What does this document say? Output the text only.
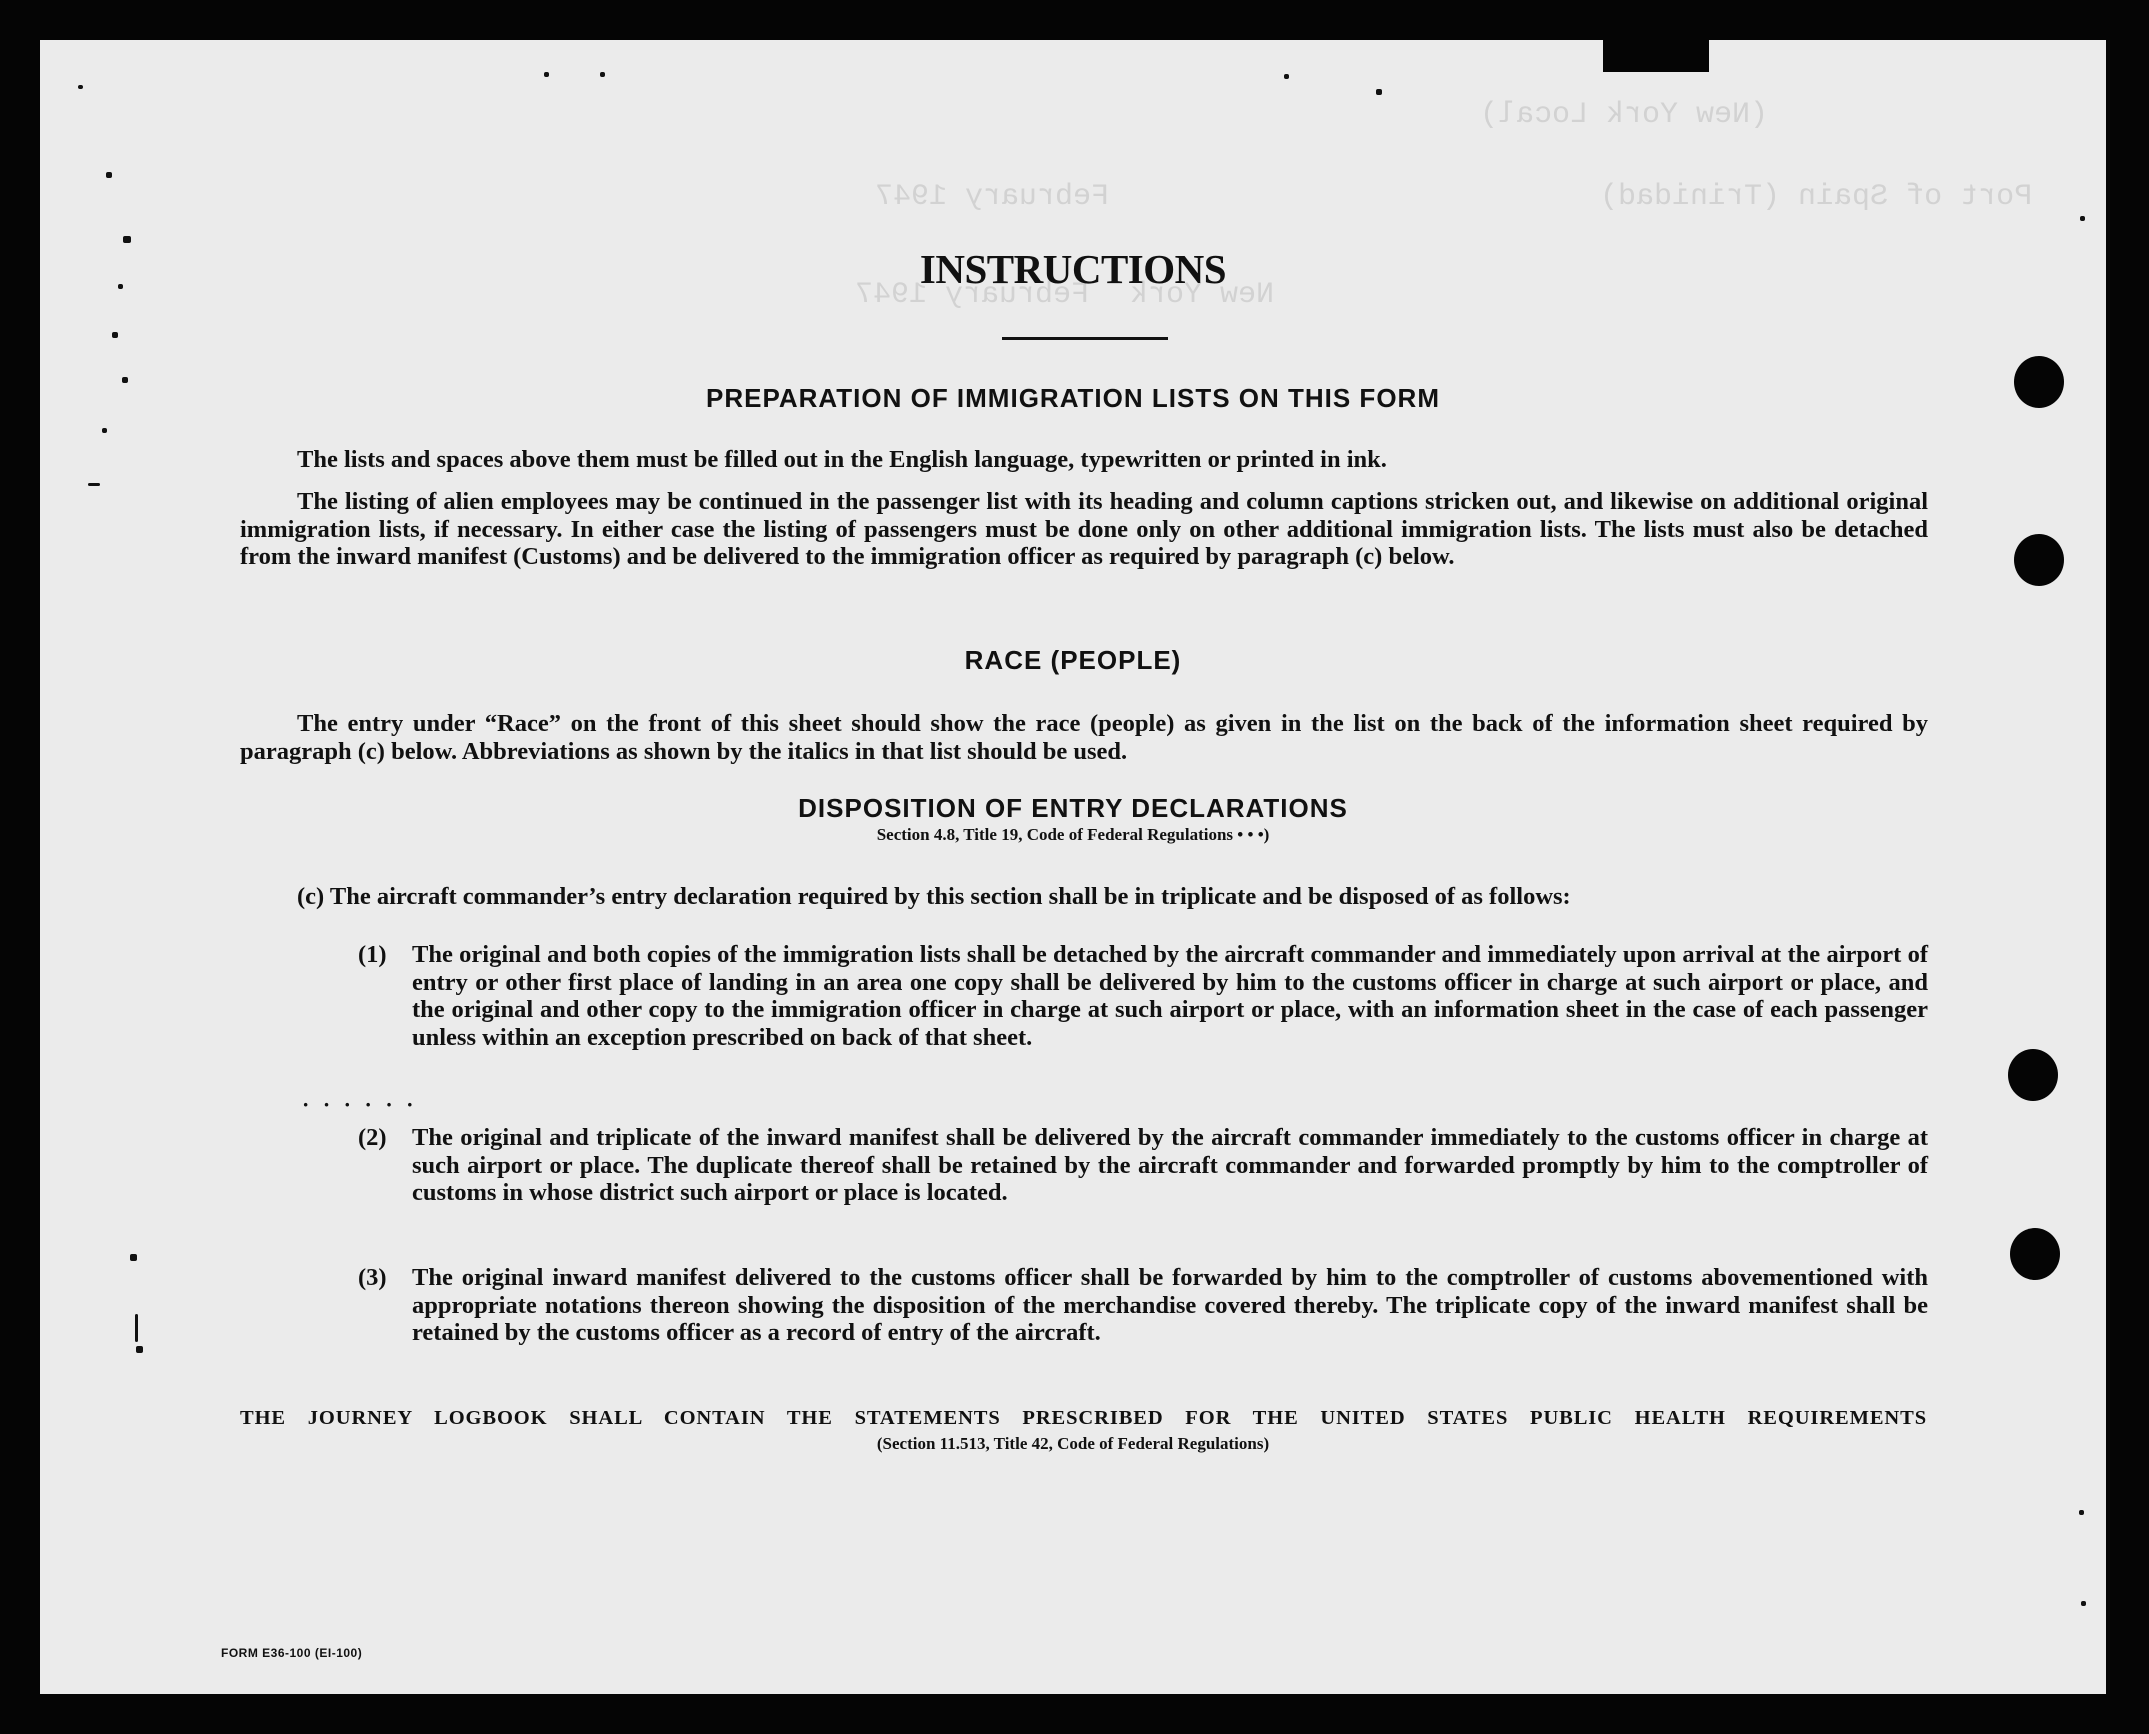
(New York Local)
Port of Spain (Trinidad)
February 1947
New York
February 1947
INSTRUCTIONS
PREPARATION OF IMMIGRATION LISTS ON THIS FORM
The lists and spaces above them must be filled out in the English language, typewritten or printed in ink.
The listing of alien employees may be continued in the passenger list with its heading and column captions stricken out, and likewise on additional original immigration lists, if necessary. In either case the listing of passengers must be done only on other additional immigration lists. The lists must also be detached from the inward manifest (Customs) and be delivered to the immigration officer as required by paragraph (c) below.
RACE (PEOPLE)
The entry under “Race” on the front of this sheet should show the race (people) as given in the list on the back of the information sheet required by paragraph (c) below. Abbreviations as shown by the italics in that list should be used.
DISPOSITION OF ENTRY DECLARATIONS
Section 4.8, Title 19, Code of Federal Regulations • • •)
(c) The aircraft commander’s entry declaration required by this section shall be in triplicate and be disposed of as follows:
(1)	The original and both copies of the immigration lists shall be detached by the aircraft commander and immediately upon arrival at the airport of entry or other first place of landing in an area one copy shall be delivered by him to the customs officer in charge at such airport or place, and the original and other copy to the immigration officer in charge at such airport or place, with an information sheet in the case of each passenger unless within an exception prescribed on back of that sheet.
· · · · · ·
(2)	The original and triplicate of the inward manifest shall be delivered by the aircraft commander immediately to the customs officer in charge at such airport or place. The duplicate thereof shall be retained by the aircraft commander and forwarded promptly by him to the comptroller of customs in whose district such airport or place is located.
(3)	The original inward manifest delivered to the customs officer shall be forwarded by him to the comptroller of customs abovementioned with appropriate notations thereon showing the disposition of the merchandise covered thereby. The triplicate copy of the inward manifest shall be retained by the customs officer as a record of entry of the aircraft.
THE JOURNEY LOGBOOK SHALL CONTAIN THE STATEMENTS PRESCRIBED FOR THE UNITED STATES PUBLIC HEALTH REQUIREMENTS
(Section 11.513, Title 42, Code of Federal Regulations)
FORM E36-100 (EI-100)
